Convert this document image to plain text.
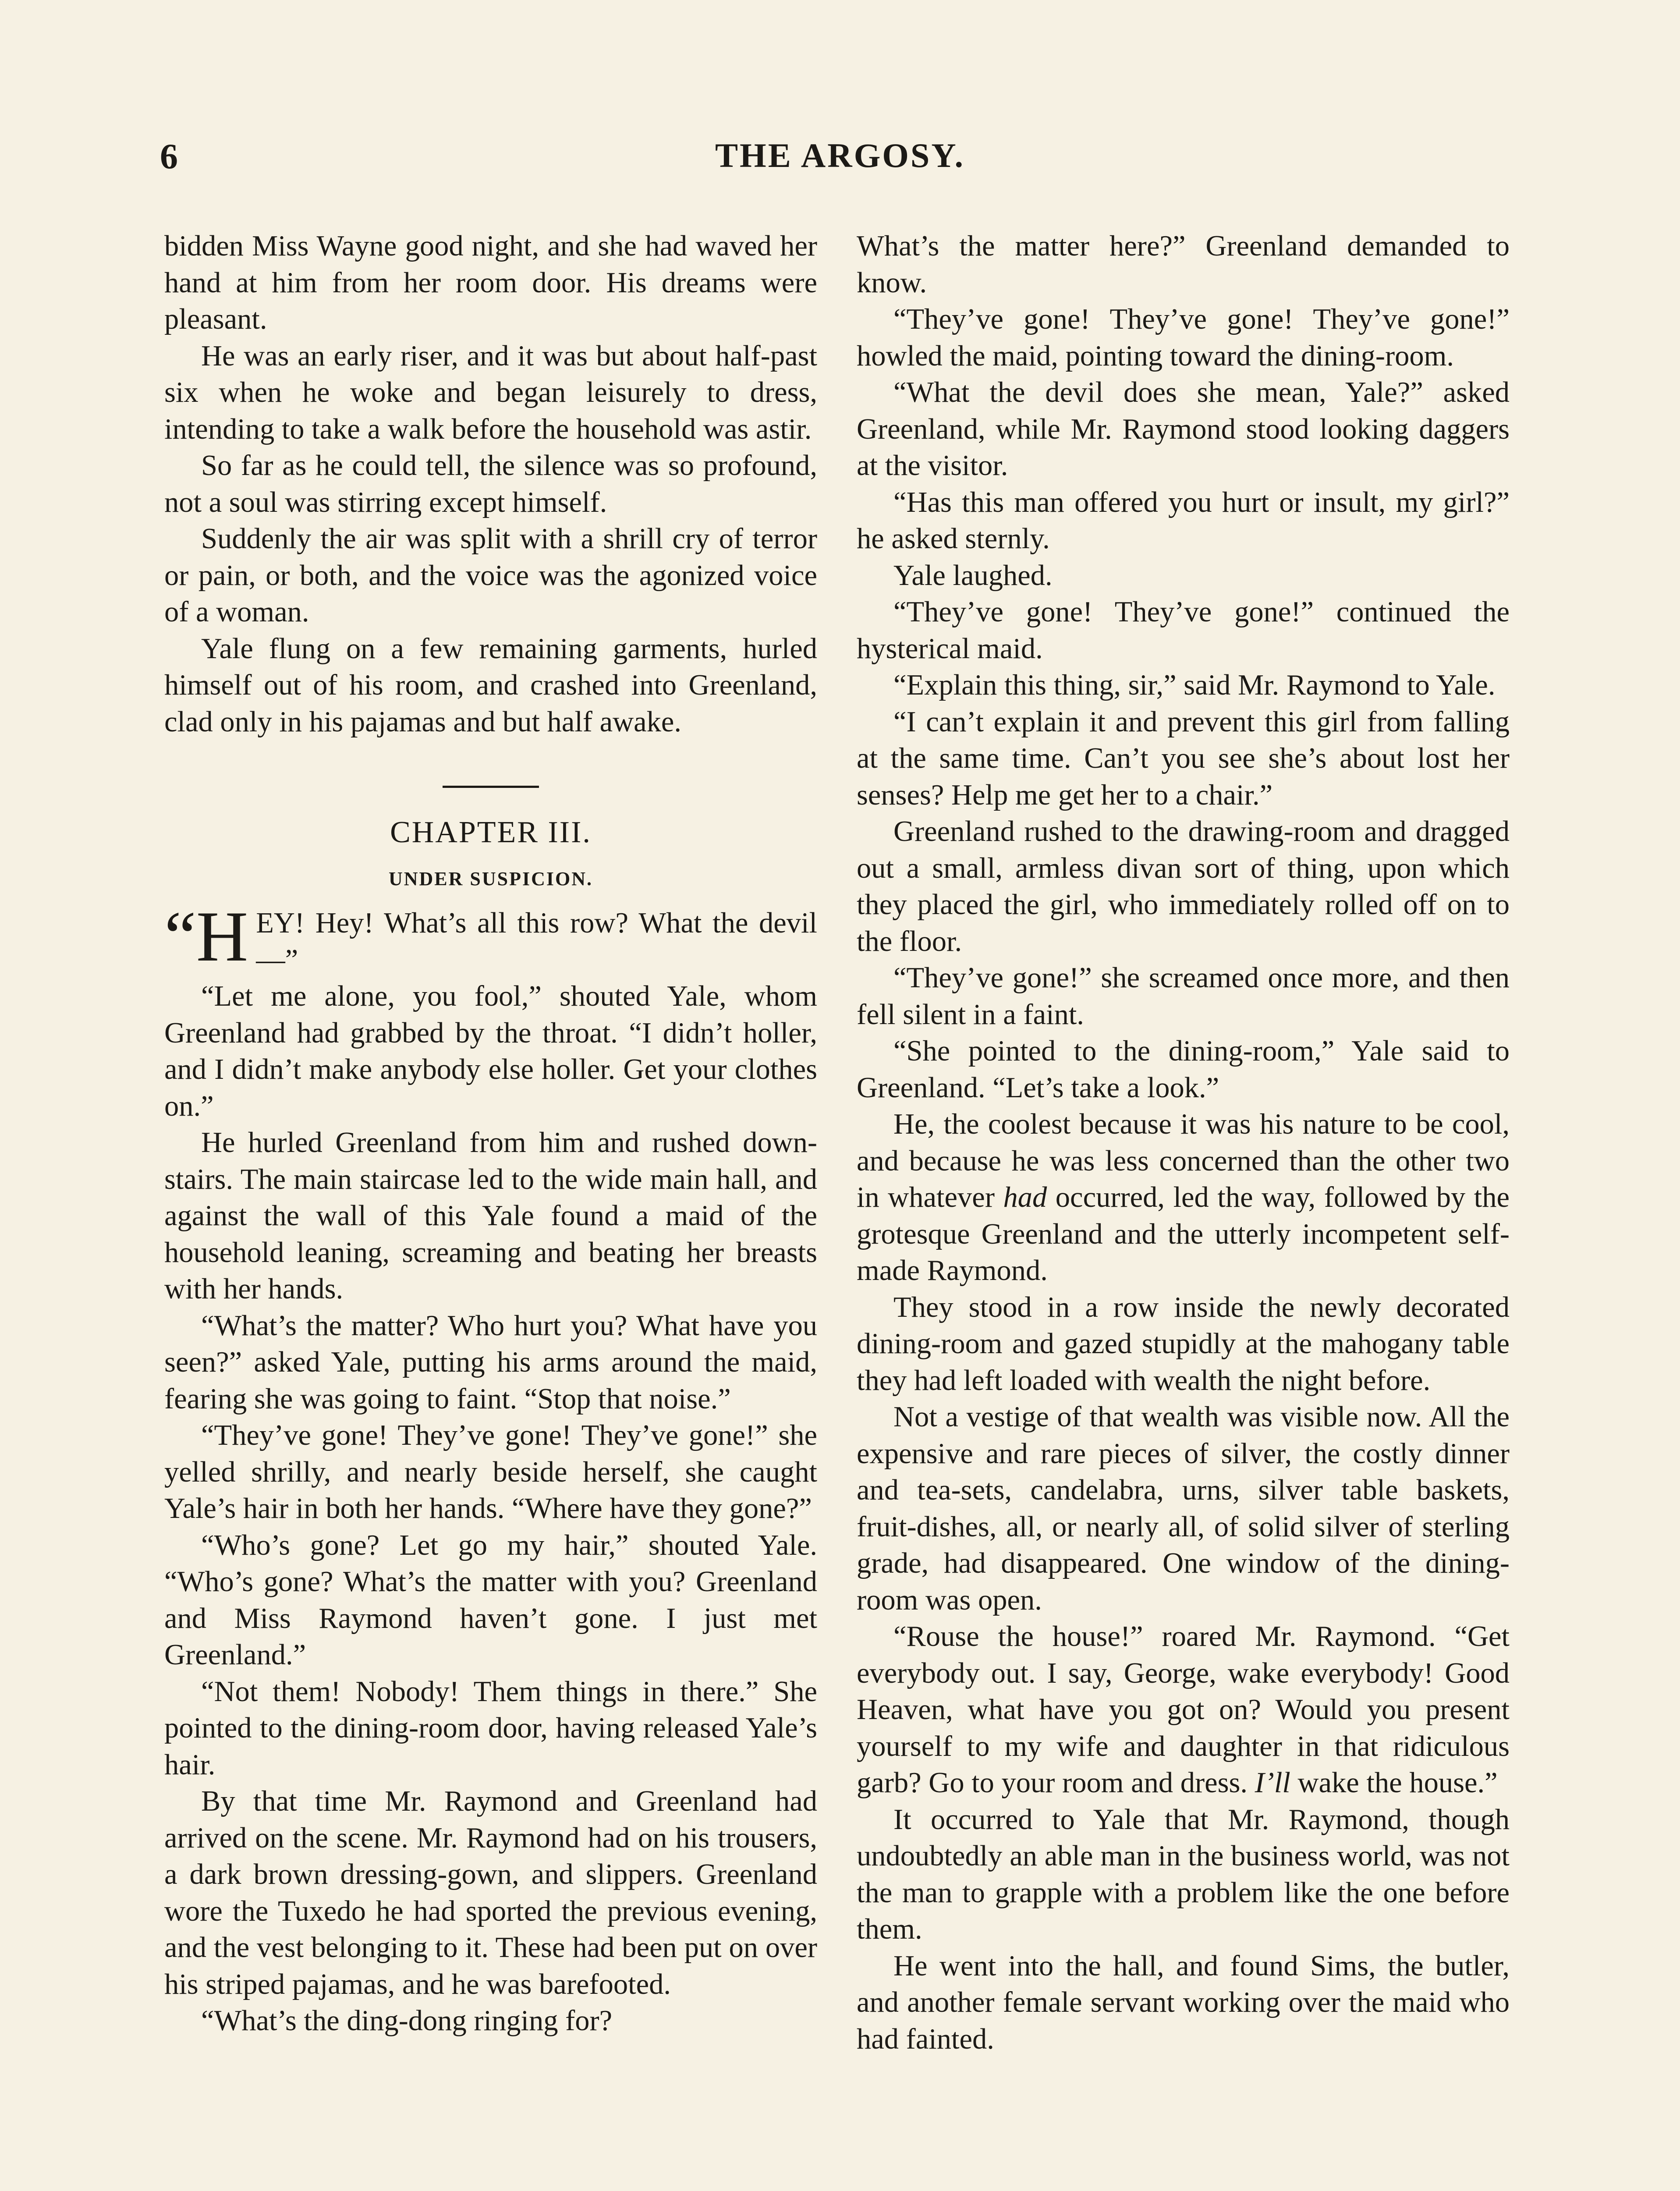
6	THE ARGOSY.

bidden Miss Wayne good night, and she had waved her hand at him from her room door. His dreams were pleasant.

He was an early riser, and it was but about half-past six when he woke and began leisurely to dress, intending to take a walk before the household was astir.

So far as he could tell, the silence was so profound, not a soul was stirring except himself.

Suddenly the air was split with a shrill cry of terror or pain, or both, and the voice was the agonized voice of a woman.

Yale flung on a few remaining garments, hurled himself out of his room, and crashed into Greenland, clad only in his pajamas and but half awake.

CHAPTER III.
UNDER SUSPICION.

“HEY! Hey! What’s all this row? What the devil—”

“Let me alone, you fool,” shouted Yale, whom Greenland had grabbed by the throat. “I didn’t holler, and I didn’t make anybody else holler. Get your clothes on.”

He hurled Greenland from him and rushed down-stairs. The main staircase led to the wide main hall, and against the wall of this Yale found a maid of the household leaning, screaming and beating her breasts with her hands.

“What’s the matter? Who hurt you? What have you seen?” asked Yale, putting his arms around the maid, fearing she was going to faint. “Stop that noise.”

“They’ve gone! They’ve gone! They’ve gone!” she yelled shrilly, and nearly beside herself, she caught Yale’s hair in both her hands. “Where have they gone?”

“Who’s gone? Let go my hair,” shouted Yale. “Who’s gone? What’s the matter with you? Greenland and Miss Raymond haven’t gone. I just met Greenland.”

“Not them! Nobody! Them things in there.” She pointed to the dining-room door, having released Yale’s hair.

By that time Mr. Raymond and Greenland had arrived on the scene. Mr. Raymond had on his trousers, a dark brown dressing-gown, and slippers. Greenland wore the Tuxedo he had sported the previous evening, and the vest belonging to it. These had been put on over his striped pajamas, and he was barefooted.

“What’s the ding-dong ringing for?

What’s the matter here?” Greenland demanded to know.

“They’ve gone! They’ve gone! They’ve gone!” howled the maid, pointing toward the dining-room.

“What the devil does she mean, Yale?” asked Greenland, while Mr. Raymond stood looking daggers at the visitor.

“Has this man offered you hurt or insult, my girl?” he asked sternly.

Yale laughed.

“They’ve gone! They’ve gone!” continued the hysterical maid.

“Explain this thing, sir,” said Mr. Raymond to Yale.

“I can’t explain it and prevent this girl from falling at the same time. Can’t you see she’s about lost her senses? Help me get her to a chair.”

Greenland rushed to the drawing-room and dragged out a small, armless divan sort of thing, upon which they placed the girl, who immediately rolled off on to the floor.

“They’ve gone!” she screamed once more, and then fell silent in a faint.

“She pointed to the dining-room,” Yale said to Greenland. “Let’s take a look.”

He, the coolest because it was his nature to be cool, and because he was less concerned than the other two in whatever had occurred, led the way, followed by the grotesque Greenland and the utterly incompetent self-made Raymond.

They stood in a row inside the newly decorated dining-room and gazed stupidly at the mahogany table they had left loaded with wealth the night before.

Not a vestige of that wealth was visible now. All the expensive and rare pieces of silver, the costly dinner and tea-sets, candelabra, urns, silver table baskets, fruit-dishes, all, or nearly all, of solid silver of sterling grade, had disappeared. One window of the dining-room was open.

“Rouse the house!” roared Mr. Raymond. “Get everybody out. I say, George, wake everybody! Good Heaven, what have you got on? Would you present yourself to my wife and daughter in that ridiculous garb? Go to your room and dress. I’ll wake the house.”

It occurred to Yale that Mr. Raymond, though undoubtedly an able man in the business world, was not the man to grapple with a problem like the one before them.

He went into the hall, and found Sims, the butler, and another female servant working over the maid who had fainted.
